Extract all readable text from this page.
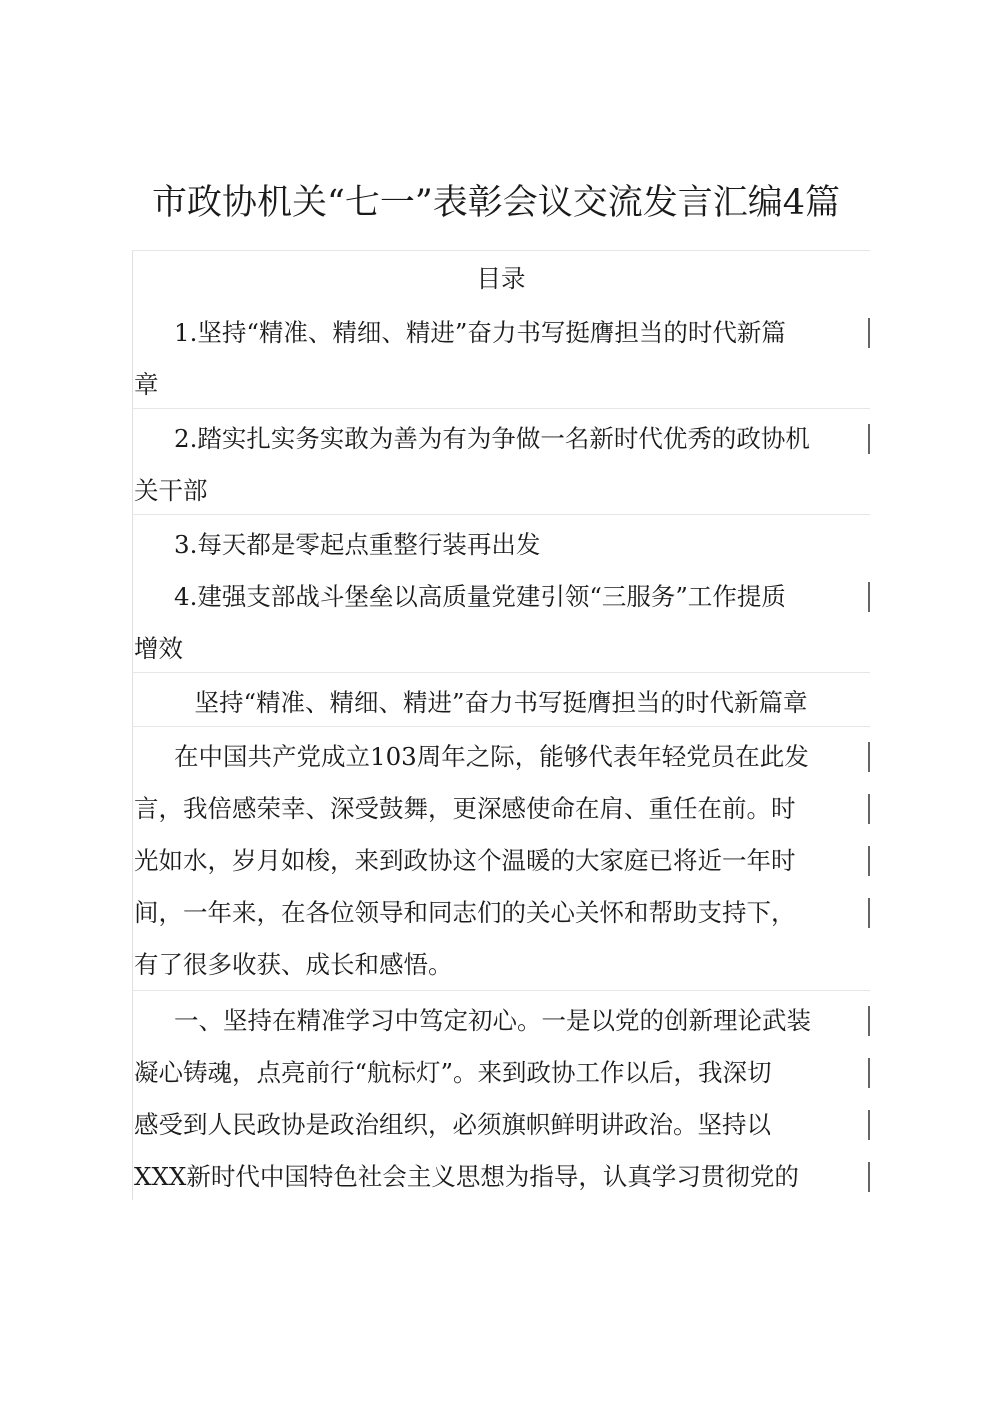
市政协机关“七一”表彰会议交流发言汇编4篇
目录
1.坚持“精准、精细、精进”奋力书写挺膺担当的时代新篇
章
2.踏实扎实务实敢为善为有为争做一名新时代优秀的政协机
关干部
3.每天都是零起点重整行装再出发
4.建强支部战斗堡垒以高质量党建引领“三服务”工作提质
增效
坚持“精准、精细、精进”奋力书写挺膺担当的时代新篇章
在中国共产党成立103周年之际，能够代表年轻党员在此发
言，我倍感荣幸、深受鼓舞，更深感使命在肩、重任在前。时
光如水，岁月如梭，来到政协这个温暖的大家庭已将近一年时
间，一年来，在各位领导和同志们的关心关怀和帮助支持下，
有了很多收获、成长和感悟。
一、坚持在精准学习中笃定初心。一是以党的创新理论武装
凝心铸魂，点亮前行“航标灯”。来到政协工作以后，我深切
感受到人民政协是政治组织，必须旗帜鲜明讲政治。坚持以
XXX新时代中国特色社会主义思想为指导，认真学习贯彻党的
